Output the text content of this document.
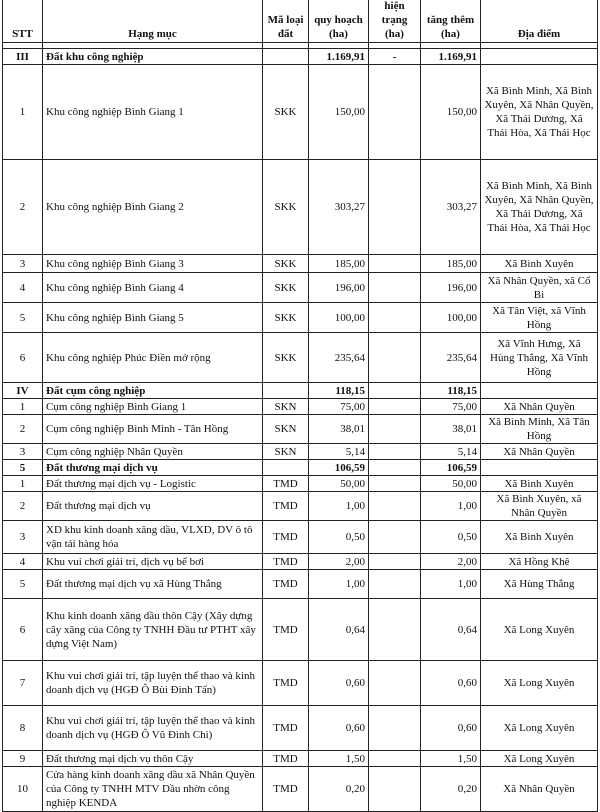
STT	Hạng mục	Mã loại đất	quy hoạch (ha)	hiện trạng (ha)	tăng thêm (ha)	Địa điểm

III	Đất khu công nghiệp		1.169,91	-	1.169,91	
1	Khu công nghiệp Bình Giang 1	SKK	150,00		150,00	Xã Bình Minh, Xã Bình Xuyên, Xã Nhân Quyền, Xã Thái Dương, Xã Thái Hòa, Xã Thái Học
2	Khu công nghiệp Bình Giang 2	SKK	303,27		303,27	Xã Bình Minh, Xã Bình Xuyên, Xã Nhân Quyền, Xã Thái Dương, Xã Thái Hòa, Xã Thái Học
3	Khu công nghiệp Bình Giang 3	SKK	185,00		185,00	Xã Bình Xuyên
4	Khu công nghiệp Bình Giang 4	SKK	196,00		196,00	Xã Nhân Quyền, xã Cổ Bi
5	Khu công nghiệp Bình Giang 5	SKK	100,00		100,00	Xã Tân Việt, xã Vĩnh Hồng
6	Khu công nghiệp Phúc Điền mở rộng	SKK	235,64		235,64	Xã Vĩnh Hưng, Xã Hùng Thắng, Xã Vĩnh Hồng
IV	Đất cụm công nghiệp		118,15		118,15	
1	Cụm công nghiệp Bình Giang 1	SKN	75,00		75,00	Xã Nhân Quyền
2	Cụm công nghiệp Bình Minh - Tân Hồng	SKN	38,01		38,01	Xã Bình Minh, Xã Tân Hồng
3	Cụm công nghiệp Nhân Quyền	SKN	5,14		5,14	Xã Nhân Quyền
5	Đất thương mại dịch vụ		106,59		106,59	
1	Đất thương mại dịch vụ - Logistic	TMD	50,00		50,00	Xã Bình Xuyên
2	Đất thương mại dịch vụ	TMD	1,00		1,00	Xã Bình Xuyên, xã Nhân Quyền
3	XD khu kinh doanh xăng dầu, VLXD, DV ô tô vận tải hàng hóa	TMD	0,50		0,50	Xã Bình Xuyên
4	Khu vui chơi giải trí, dịch vụ bể bơi	TMD	2,00		2,00	Xã Hồng Khê
5	Đất thương mại dịch vụ xã Hùng Thắng	TMD	1,00		1,00	Xã Hùng Thắng
6	Khu kinh doanh xăng dầu thôn Cậy (Xây dựng cây xăng của Công ty TNHH Đầu tư PTHT xây dựng Việt Nam)	TMD	0,64		0,64	Xã Long Xuyên
7	Khu vui chơi giải trí, tập luyện thể thao và kinh doanh dịch vụ (HGĐ Ô Bùi Đình Tấn)	TMD	0,60		0,60	Xã Long Xuyên
8	Khu vui chơi giải trí, tập luyện thể thao và kinh doanh dịch vụ (HGĐ Ô Vũ Đình Chi)	TMD	0,60		0,60	Xã Long Xuyên
9	Đất thương mại dịch vụ thôn Cậy	TMD	1,50		1,50	Xã Long Xuyên
10	Cửa hàng kinh doanh xăng dầu xã Nhân Quyền của Công ty TNHH MTV Dầu nhờn công nghiệp KENDA	TMD	0,20		0,20	Xã Nhân Quyền
